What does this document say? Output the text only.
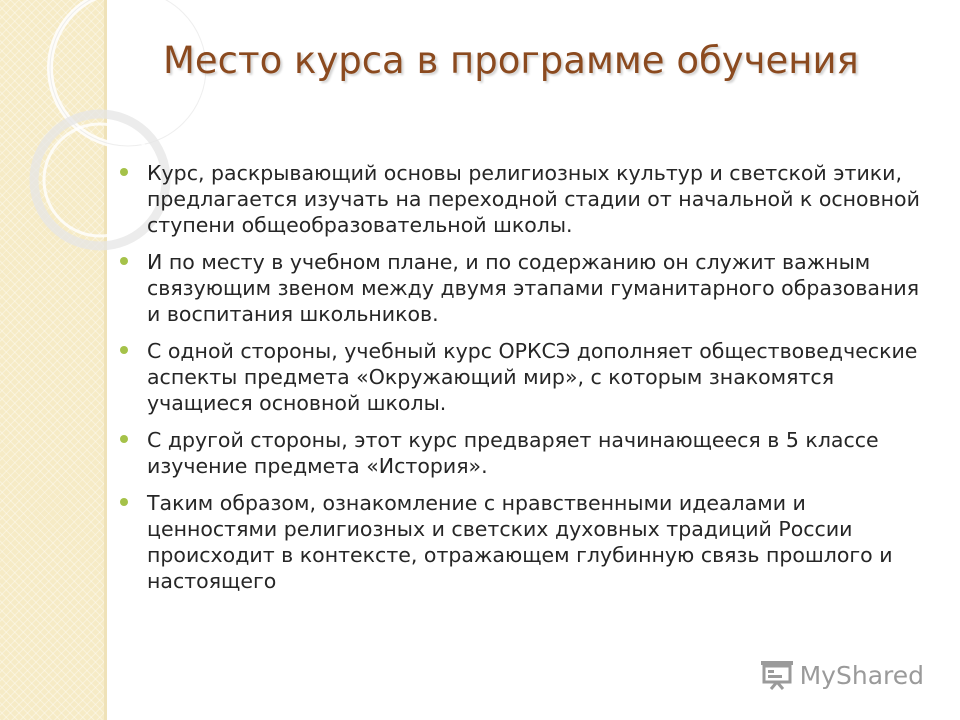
Место курса в программе обучения
Курс, раскрывающий основы религиозных культур и светской этики, предлагается изучать на переходной стадии от начальной к основной ступени общеобразовательной школы.
И по месту в учебном плане, и по содержанию он служит важным связующим звеном между двумя этапами гуманитарного образования и воспитания школьников.
С одной стороны, учебный курс ОРКСЭ дополняет обществоведческие аспекты предмета «Окружающий мир», с которым знакомятся учащиеся основной школы.
С другой стороны, этот курс предваряет начинающееся в 5 классе изучение предмета «История».
Таким образом, ознакомление с нравственными идеалами и ценностями религиозных и светских духовных традиций России происходит в контексте, отражающем глубинную связь прошлого и настоящего
MyShared
